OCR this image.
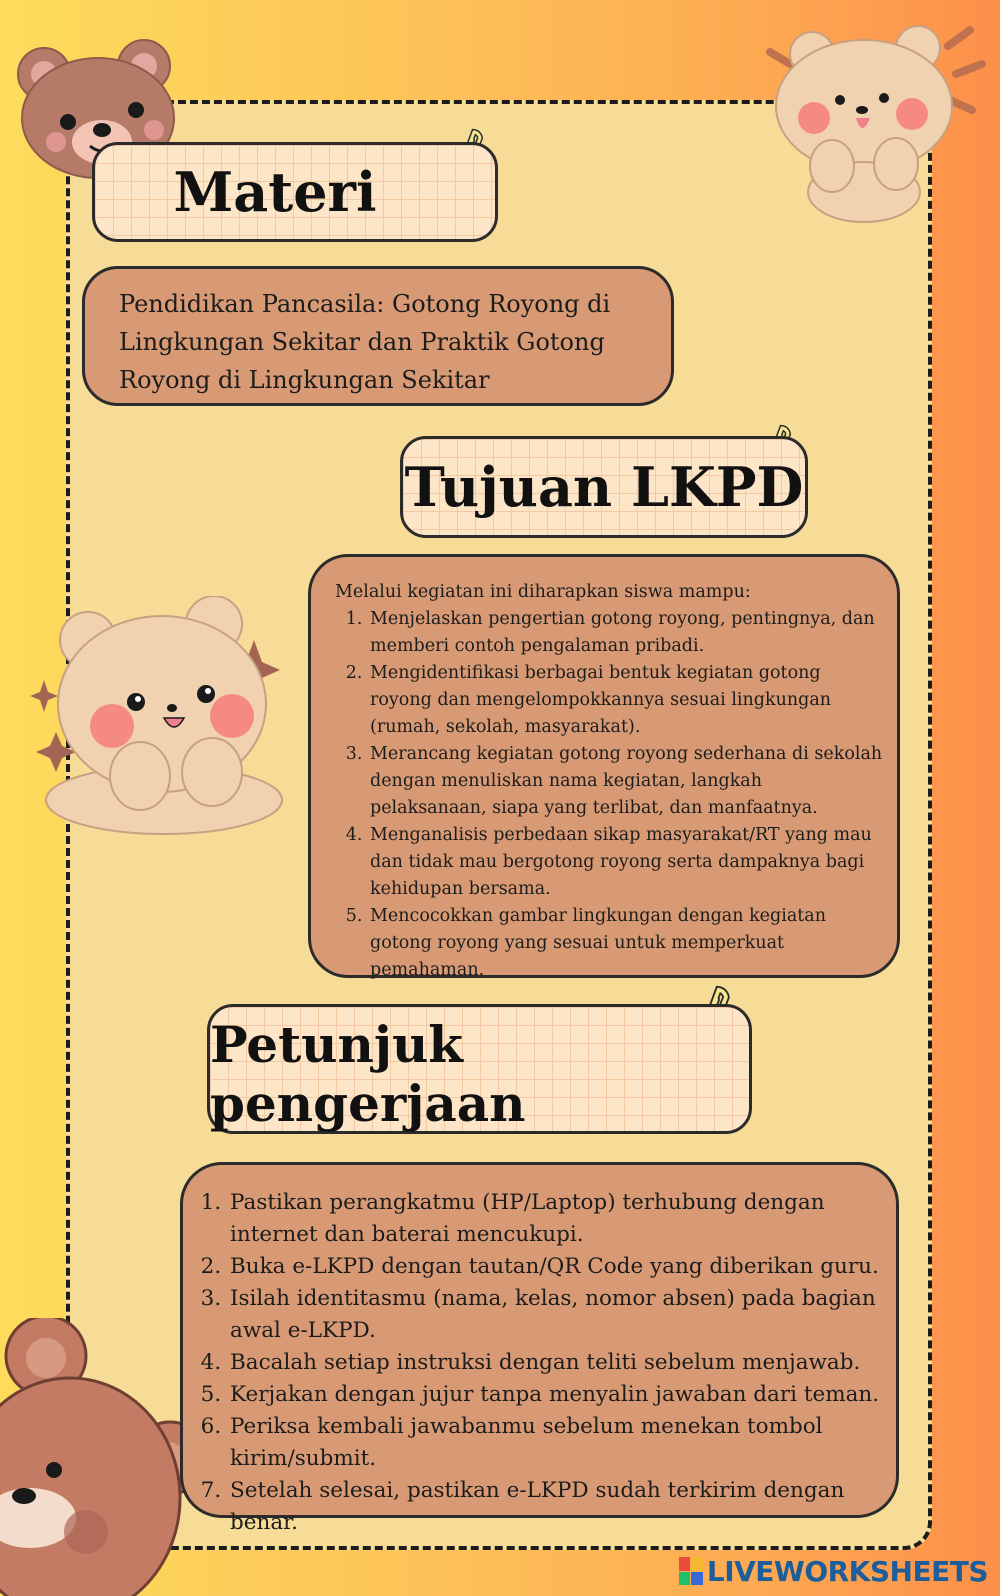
Materi
Pendidikan Pancasila: Gotong Royong di Lingkungan Sekitar dan Praktik Gotong Royong di Lingkungan Sekitar
Tujuan LKPD

Melalui kegiatan ini diharapkan siswa mampu:

1. Menjelaskan pengertian gotong royong, pentingnya, dan memberi contoh pengalaman pribadi.
2. Mengidentifikasi berbagai bentuk kegiatan gotong royong dan mengelompokkannya sesuai lingkungan (rumah, sekolah, masyarakat).
3. Merancang kegiatan gotong royong sederhana di sekolah dengan menuliskan nama kegiatan, langkah pelaksanaan, siapa yang terlibat, dan manfaatnya.
4. Menganalisis perbedaan sikap masyarakat/RT yang mau dan tidak mau bergotong royong serta dampaknya bagi kehidupan bersama.
5. Mencocokkan gambar lingkungan dengan kegiatan gotong royong yang sesuai untuk memperkuat pemahaman.
Petunjuk pengerjaan
1. Pastikan perangkatmu (HP/Laptop) terhubung dengan internet dan baterai mencukupi.
2. Buka e-LKPD dengan tautan/QR Code yang diberikan guru.
3. Isilah identitasmu (nama, kelas, nomor absen) pada bagian awal e-LKPD.
4. Bacalah setiap instruksi dengan teliti sebelum menjawab.
5. Kerjakan dengan jujur tanpa menyalin jawaban dari teman.
6. Periksa kembali jawabanmu sebelum menekan tombol kirim/submit.
7. Setelah selesai, pastikan e-LKPD sudah terkirim dengan benar.
LIVEWORKSHEETS
